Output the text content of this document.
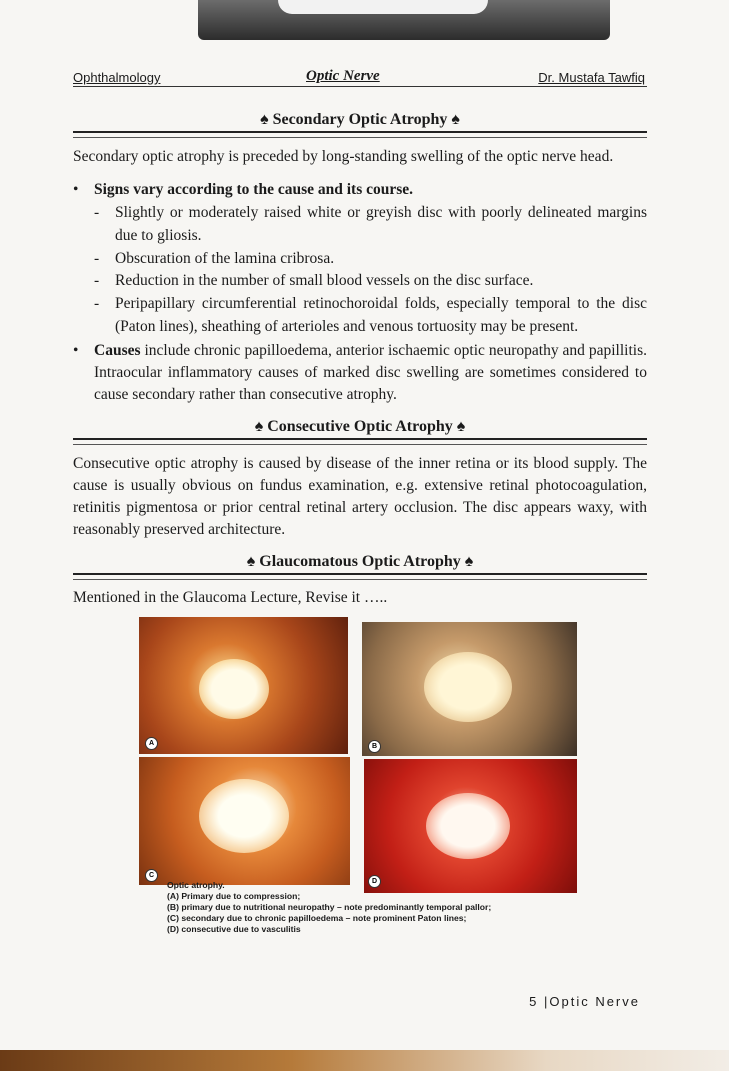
Ophthalmology	Optic Nerve	Dr. Mustafa Tawfiq
♠ Secondary Optic Atrophy ♠
Secondary optic atrophy is preceded by long-standing swelling of the optic nerve head.
• Signs vary according to the cause and its course.
- Slightly or moderately raised white or greyish disc with poorly delineated margins due to gliosis.
- Obscuration of the lamina cribrosa.
- Reduction in the number of small blood vessels on the disc surface.
- Peripapillary circumferential retinochoroidal folds, especially temporal to the disc (Paton lines), sheathing of arterioles and venous tortuosity may be present.
• Causes include chronic papilloedema, anterior ischaemic optic neuropathy and papillitis. Intraocular inflammatory causes of marked disc swelling are sometimes considered to cause secondary rather than consecutive atrophy.
♠ Consecutive Optic Atrophy ♠
Consecutive optic atrophy is caused by disease of the inner retina or its blood supply. The cause is usually obvious on fundus examination, e.g. extensive retinal photocoagulation, retinitis pigmentosa or prior central retinal artery occlusion. The disc appears waxy, with reasonably preserved architecture.
♠ Glaucomatous Optic Atrophy ♠
Mentioned in the Glaucoma Lecture, Revise it …..
A	B
C
D
Optic atrophy.
(A) Primary due to compression;
(B) primary due to nutritional neuropathy – note predominantly temporal pallor;
(C) secondary due to chronic papilloedema – note prominent Paton lines;
(D) consecutive due to vasculitis
5 |Optic Nerve
